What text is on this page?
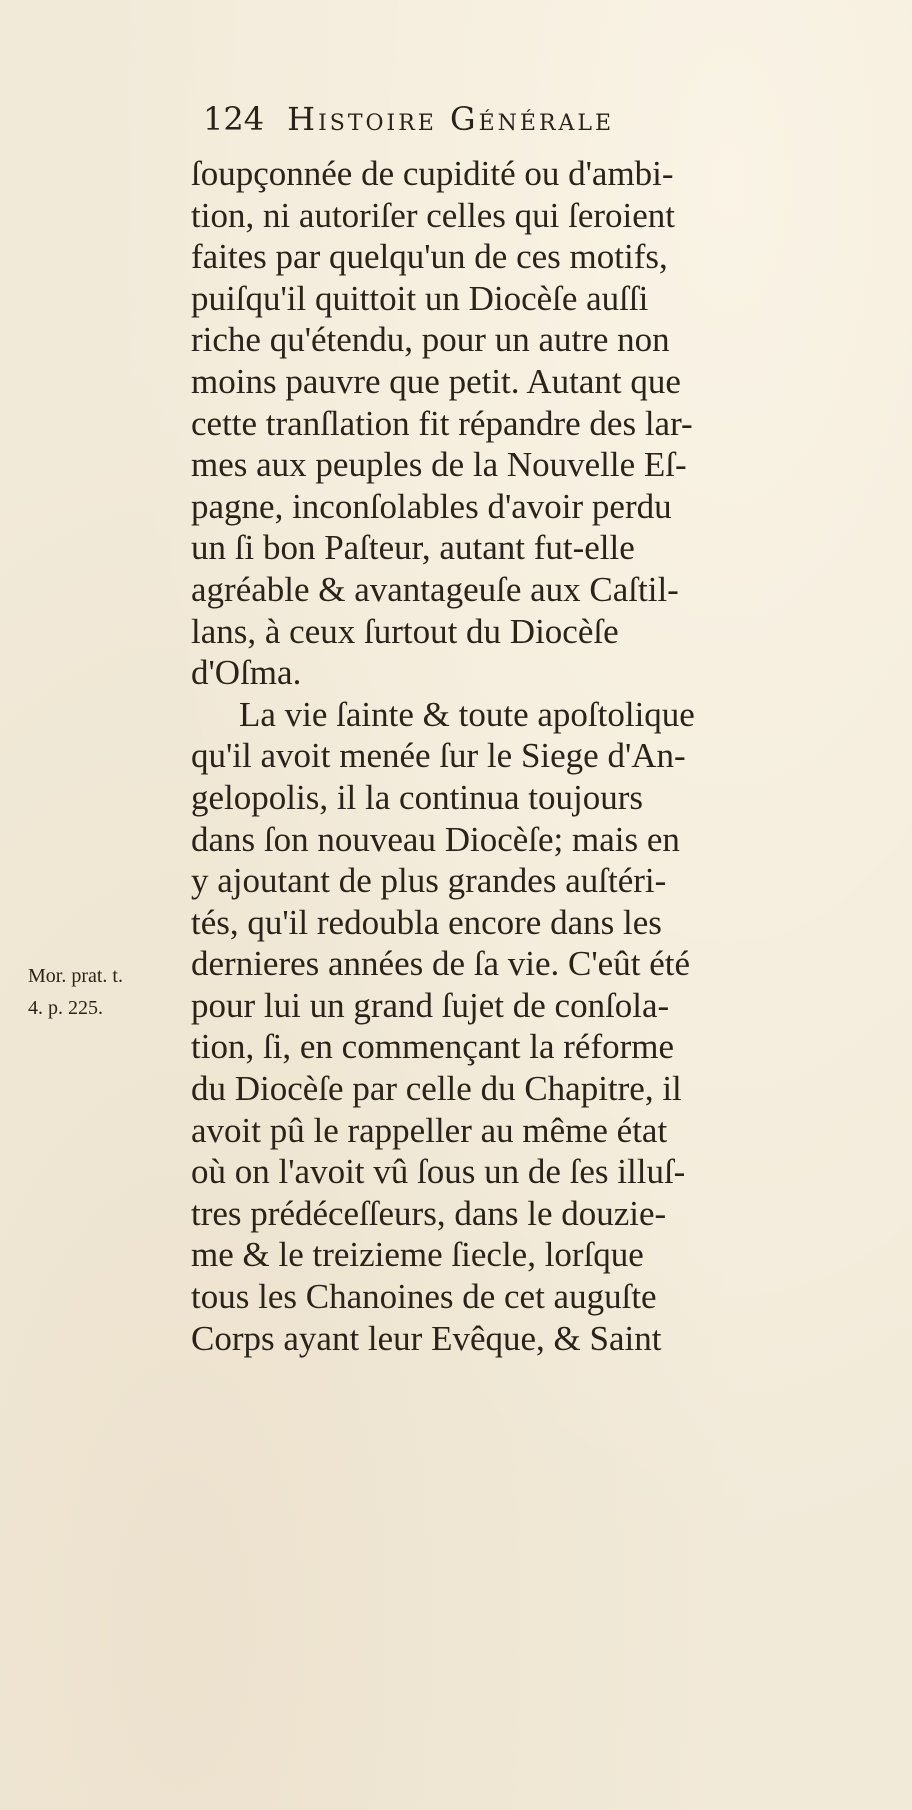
124 Histoire Générale
Mor. prat. t.
4. p. 225.
ſoupçonnée de cupidité ou d'ambi-
tion, ni autoriſer celles qui ſeroient
faites par quelqu'un de ces motifs,
puiſqu'il quittoit un Diocèſe auſſi
riche qu'étendu, pour un autre non
moins pauvre que petit. Autant que
cette tranſlation fit répandre des lar-
mes aux peuples de la Nouvelle Eſ-
pagne, inconſolables d'avoir perdu
un ſi bon Paſteur, autant fut-elle
agréable & avantageuſe aux Caſtil-
lans, à ceux ſurtout du Diocèſe
d'Oſma.
La vie ſainte & toute apoſtolique
qu'il avoit menée ſur le Siege d'An-
gelopolis, il la continua toujours
dans ſon nouveau Diocèſe; mais en
y ajoutant de plus grandes auſtéri-
tés, qu'il redoubla encore dans les
dernieres années de ſa vie. C'eût été
pour lui un grand ſujet de conſola-
tion, ſi, en commençant la réforme
du Diocèſe par celle du Chapitre, il
avoit pû le rappeller au même état
où on l'avoit vû ſous un de ſes illuſ-
tres prédéceſſeurs, dans le douzie-
me & le treizieme ſiecle, lorſque
tous les Chanoines de cet auguſte
Corps ayant leur Evêque, & Saint
